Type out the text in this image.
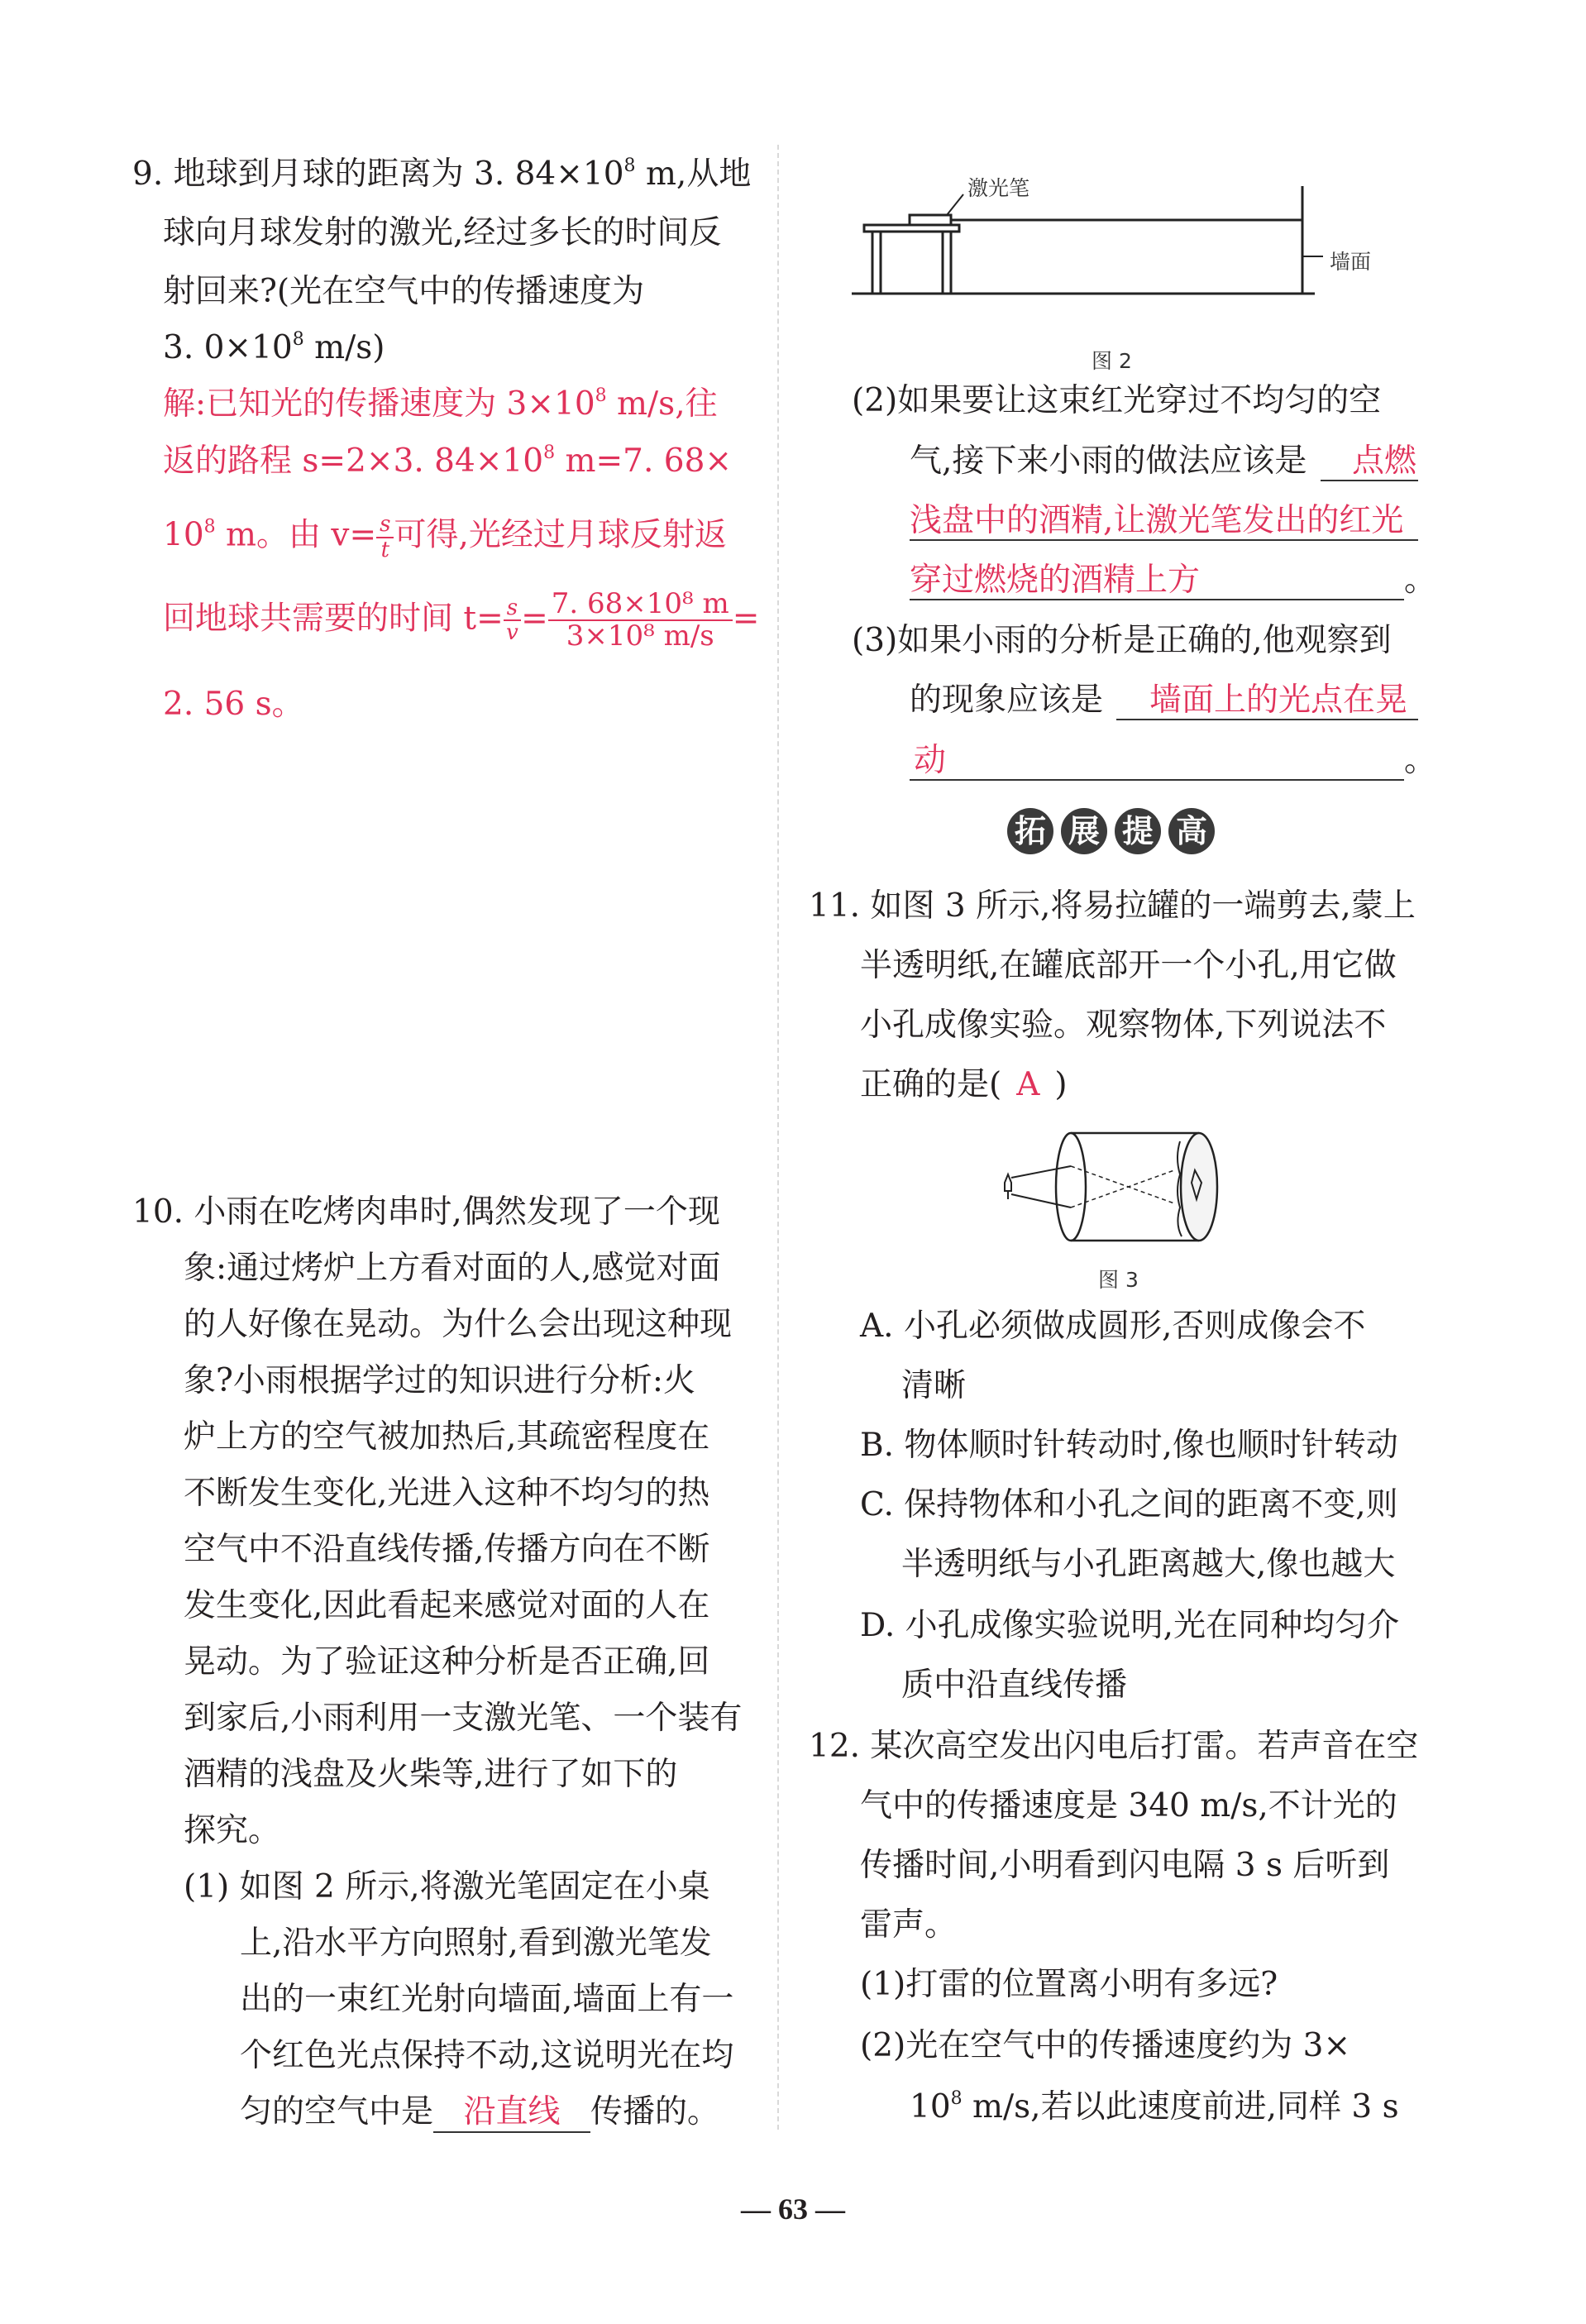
9. 地球到月球的距离为 3. $84\times 10^8$ m,从地
球向月球发射的激光,经过多长的时间反
射回来?(光在空气中的传播速度为
3. $0\times 10^8$ m/s)
解:已知光的传播速度为 $3\times 10^8$ m/s,往
返的路程 s=2×3. $84\times 10^8$ m=7. 68×
$10^8$ m。由 $v= \frac{s}{t}$ 可得,光经过月球反射返
回地球共需要的时间 $t= \frac{s}{v} = \frac{\text{7. 68×10⁸ m}}{\text{3×10⁸ m/s}}$ =
2. 56 s。
激光笔
墙面
图 2
(2)如果要让这束红光穿过不均匀的空
气,接下来小雨的做法应该是 点燃
浅盘中的酒精,让激光笔发出的红光
穿过燃烧的酒精上方	。
(3)如果小雨的分析是正确的,他观察到
的现象应该是 墙面上的光点在晃
动	。
拓 展 提 高
11. 如图 3 所示,将易拉罐的一端剪去,蒙上
半透明纸,在罐底部开一个小孔,用它做
小孔成像实验。观察物体,下列说法不
正确的是( A )
图 3
A. 小孔必须做成圆形,否则成像会不
清晰
B. 物体顺时针转动时,像也顺时针转动
C. 保持物体和小孔之间的距离不变,则
半透明纸与小孔距离越大,像也越大
D. 小孔成像实验说明,光在同种均匀介
质中沿直线传播
12. 某次高空发出闪电后打雷。若声音在空
气中的传播速度是 340 m/s,不计光的
传播时间,小明看到闪电隔 3 s 后听到
雷声。
(1)打雷的位置离小明有多远?
(2)光在空气中的传播速度约为 3×
$10^8$ m/s,若以此速度前进,同样 3 s
10. 小雨在吃烤肉串时,偶然发现了一个现
象:通过烤炉上方看对面的人,感觉对面
的人好像在晃动。为什么会出现这种现
象?小雨根据学过的知识进行分析:火
炉上方的空气被加热后,其疏密程度在
不断发生变化,光进入这种不均匀的热
空气中不沿直线传播,传播方向在不断
发生变化,因此看起来感觉对面的人在
晃动。为了验证这种分析是否正确,回
到家后,小雨利用一支激光笔、一个装有
酒精的浅盘及火柴等,进行了如下的
探究。
(1) 如图 2 所示,将激光笔固定在小桌
上,沿水平方向照射,看到激光笔发
出的一束红光射向墙面,墙面上有一
个红色光点保持不动,这说明光在均
匀的空气中是 沿直线 传播的。
— 63 —
